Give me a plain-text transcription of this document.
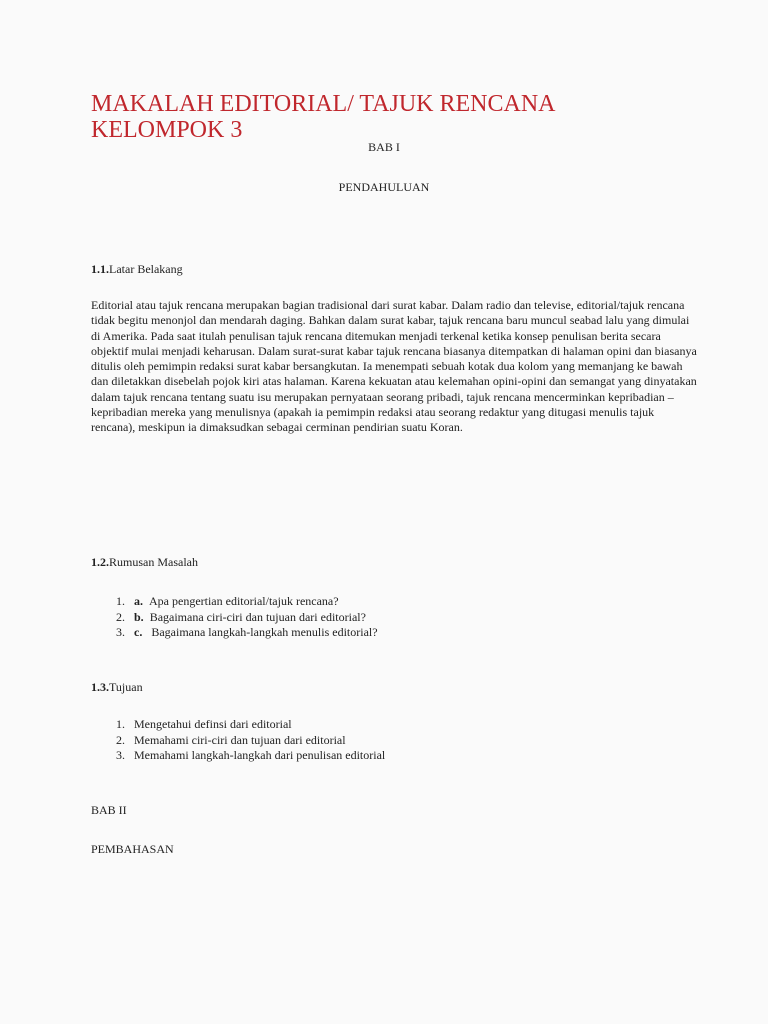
MAKALAH EDITORIAL/ TAJUK RENCANA
KELOMPOK 3

BAB I

PENDAHULUAN

1.1.Latar Belakang

Editorial atau tajuk rencana merupakan bagian tradisional dari surat kabar. Dalam radio dan televise, editorial/tajuk rencana tidak begitu menonjol dan mendarah daging. Bahkan dalam surat kabar, tajuk rencana baru muncul seabad lalu yang dimulai di Amerika. Pada saat itulah penulisan tajuk rencana ditemukan menjadi terkenal ketika konsep penulisan berita secara objektif mulai menjadi keharusan. Dalam surat-surat kabar tajuk rencana biasanya ditempatkan di halaman opini dan biasanya ditulis oleh pemimpin redaksi surat kabar bersangkutan. Ia menempati sebuah kotak dua kolom yang memanjang ke bawah dan diletakkan disebelah pojok kiri atas halaman. Karena kekuatan atau kelemahan opini-opini dan semangat yang dinyatakan dalam tajuk rencana tentang suatu isu merupakan pernyataan seorang pribadi, tajuk rencana mencerminkan kepribadian – kepribadian mereka yang menulisnya (apakah ia pemimpin redaksi atau seorang redaktur yang ditugasi menulis tajuk rencana), meskipun ia dimaksudkan sebagai cerminan pendirian suatu Koran.

1.2.Rumusan Masalah

1. a. Apa pengertian editorial/tajuk rencana?
2. b. Bagaimana ciri-ciri dan tujuan dari editorial?
3. c. Bagaimana langkah-langkah menulis editorial?

1.3.Tujuan

1. Mengetahui definsi dari editorial
2. Memahami ciri-ciri dan tujuan dari editorial
3. Memahami langkah-langkah dari penulisan editorial

BAB II

PEMBAHASAN
